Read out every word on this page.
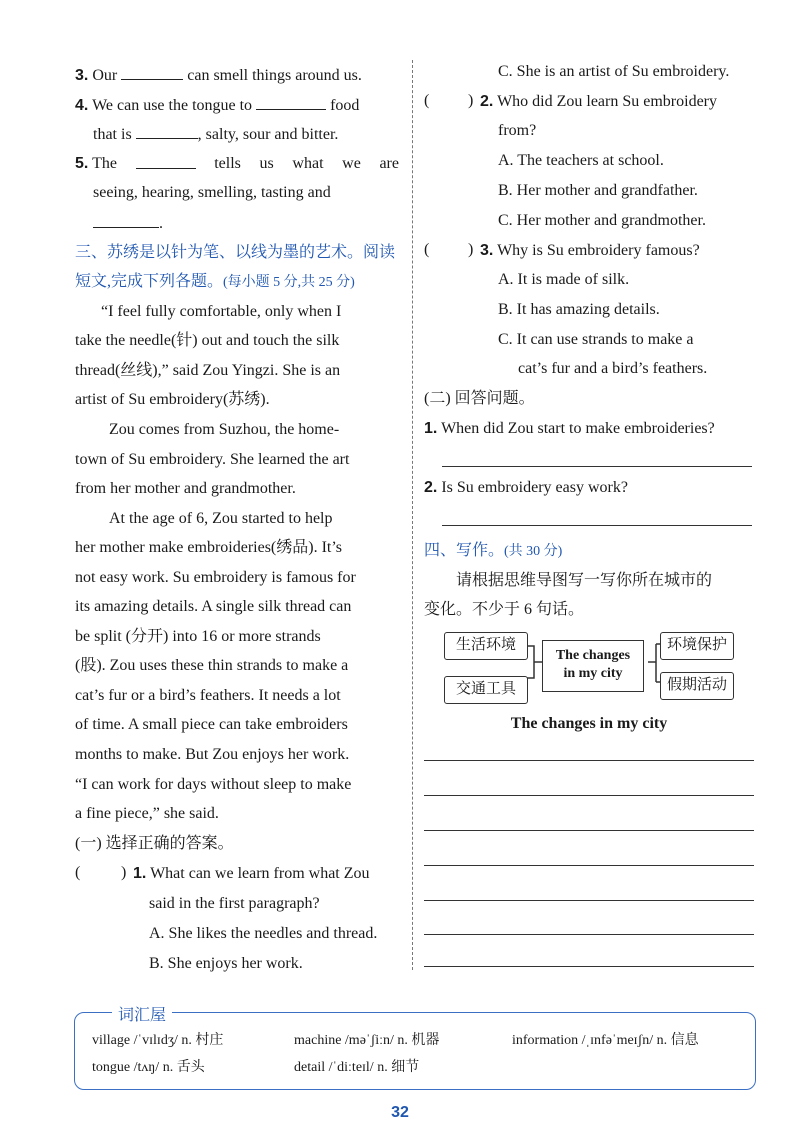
3. Our	can smell things around us.
4. We can use the tongue to	food
that is	, salty, sour and bitter.
5. The	tells us what we are
seeing, hearing, smelling, tasting and
.
三、苏绣是以针为笔、以线为墨的艺术。阅读
短文,完成下列各题。(每小题 5 分,共 25 分)
“I feel fully comfortable, only when I
take the needle(针) out and touch the silk
thread(丝线),” said Zou Yingzi. She is an
artist of Su embroidery(苏绣).
Zou comes from Suzhou, the home-
town of Su embroidery. She learned the art
from her mother and grandmother.
At the age of 6, Zou started to help
her mother make embroideries(绣品). It’s
not easy work. Su embroidery is famous for
its amazing details. A single silk thread can
be split (分开) into 16 or more strands
(股). Zou uses these thin strands to make a
cat’s fur or a bird’s feathers. It needs a lot
of time. A small piece can take embroiders
months to make. But Zou enjoys her work.
“I can work for days without sleep to make
a fine piece,” she said.
(一) 选择正确的答案。
(	) 1. What can we learn from what Zou
said in the first paragraph?
A. She likes the needles and thread.
B. She enjoys her work.
C. She is an artist of Su embroidery.
( ) 2. Who did Zou learn Su embroidery
from?
A. The teachers at school.
B. Her mother and grandfather.
C. Her mother and grandmother.
( ) 3. Why is Su embroidery famous?
A. It is made of silk.
B. It has amazing details.
C. It can use strands to make a
cat’s fur and a bird’s feathers.
(二) 回答问题。
1. When did Zou start to make embroideries?
2. Is Su embroidery easy work?
四、写作。(共 30 分)
请根据思维导图写一写你所在城市的
变化。不少于 6 句话。
生活环境
交通工具
The changes
in my city
环境保护
假期活动
The changes in my city
词汇屋
village /ˈvɪlɪdʒ/ n. 村庄	machine /məˈʃiːn/ n. 机器	information /ˌɪnfəˈmeɪʃn/ n. 信息
tongue /tʌŋ/ n. 舌头	detail /ˈdiːteɪl/ n. 细节
32
